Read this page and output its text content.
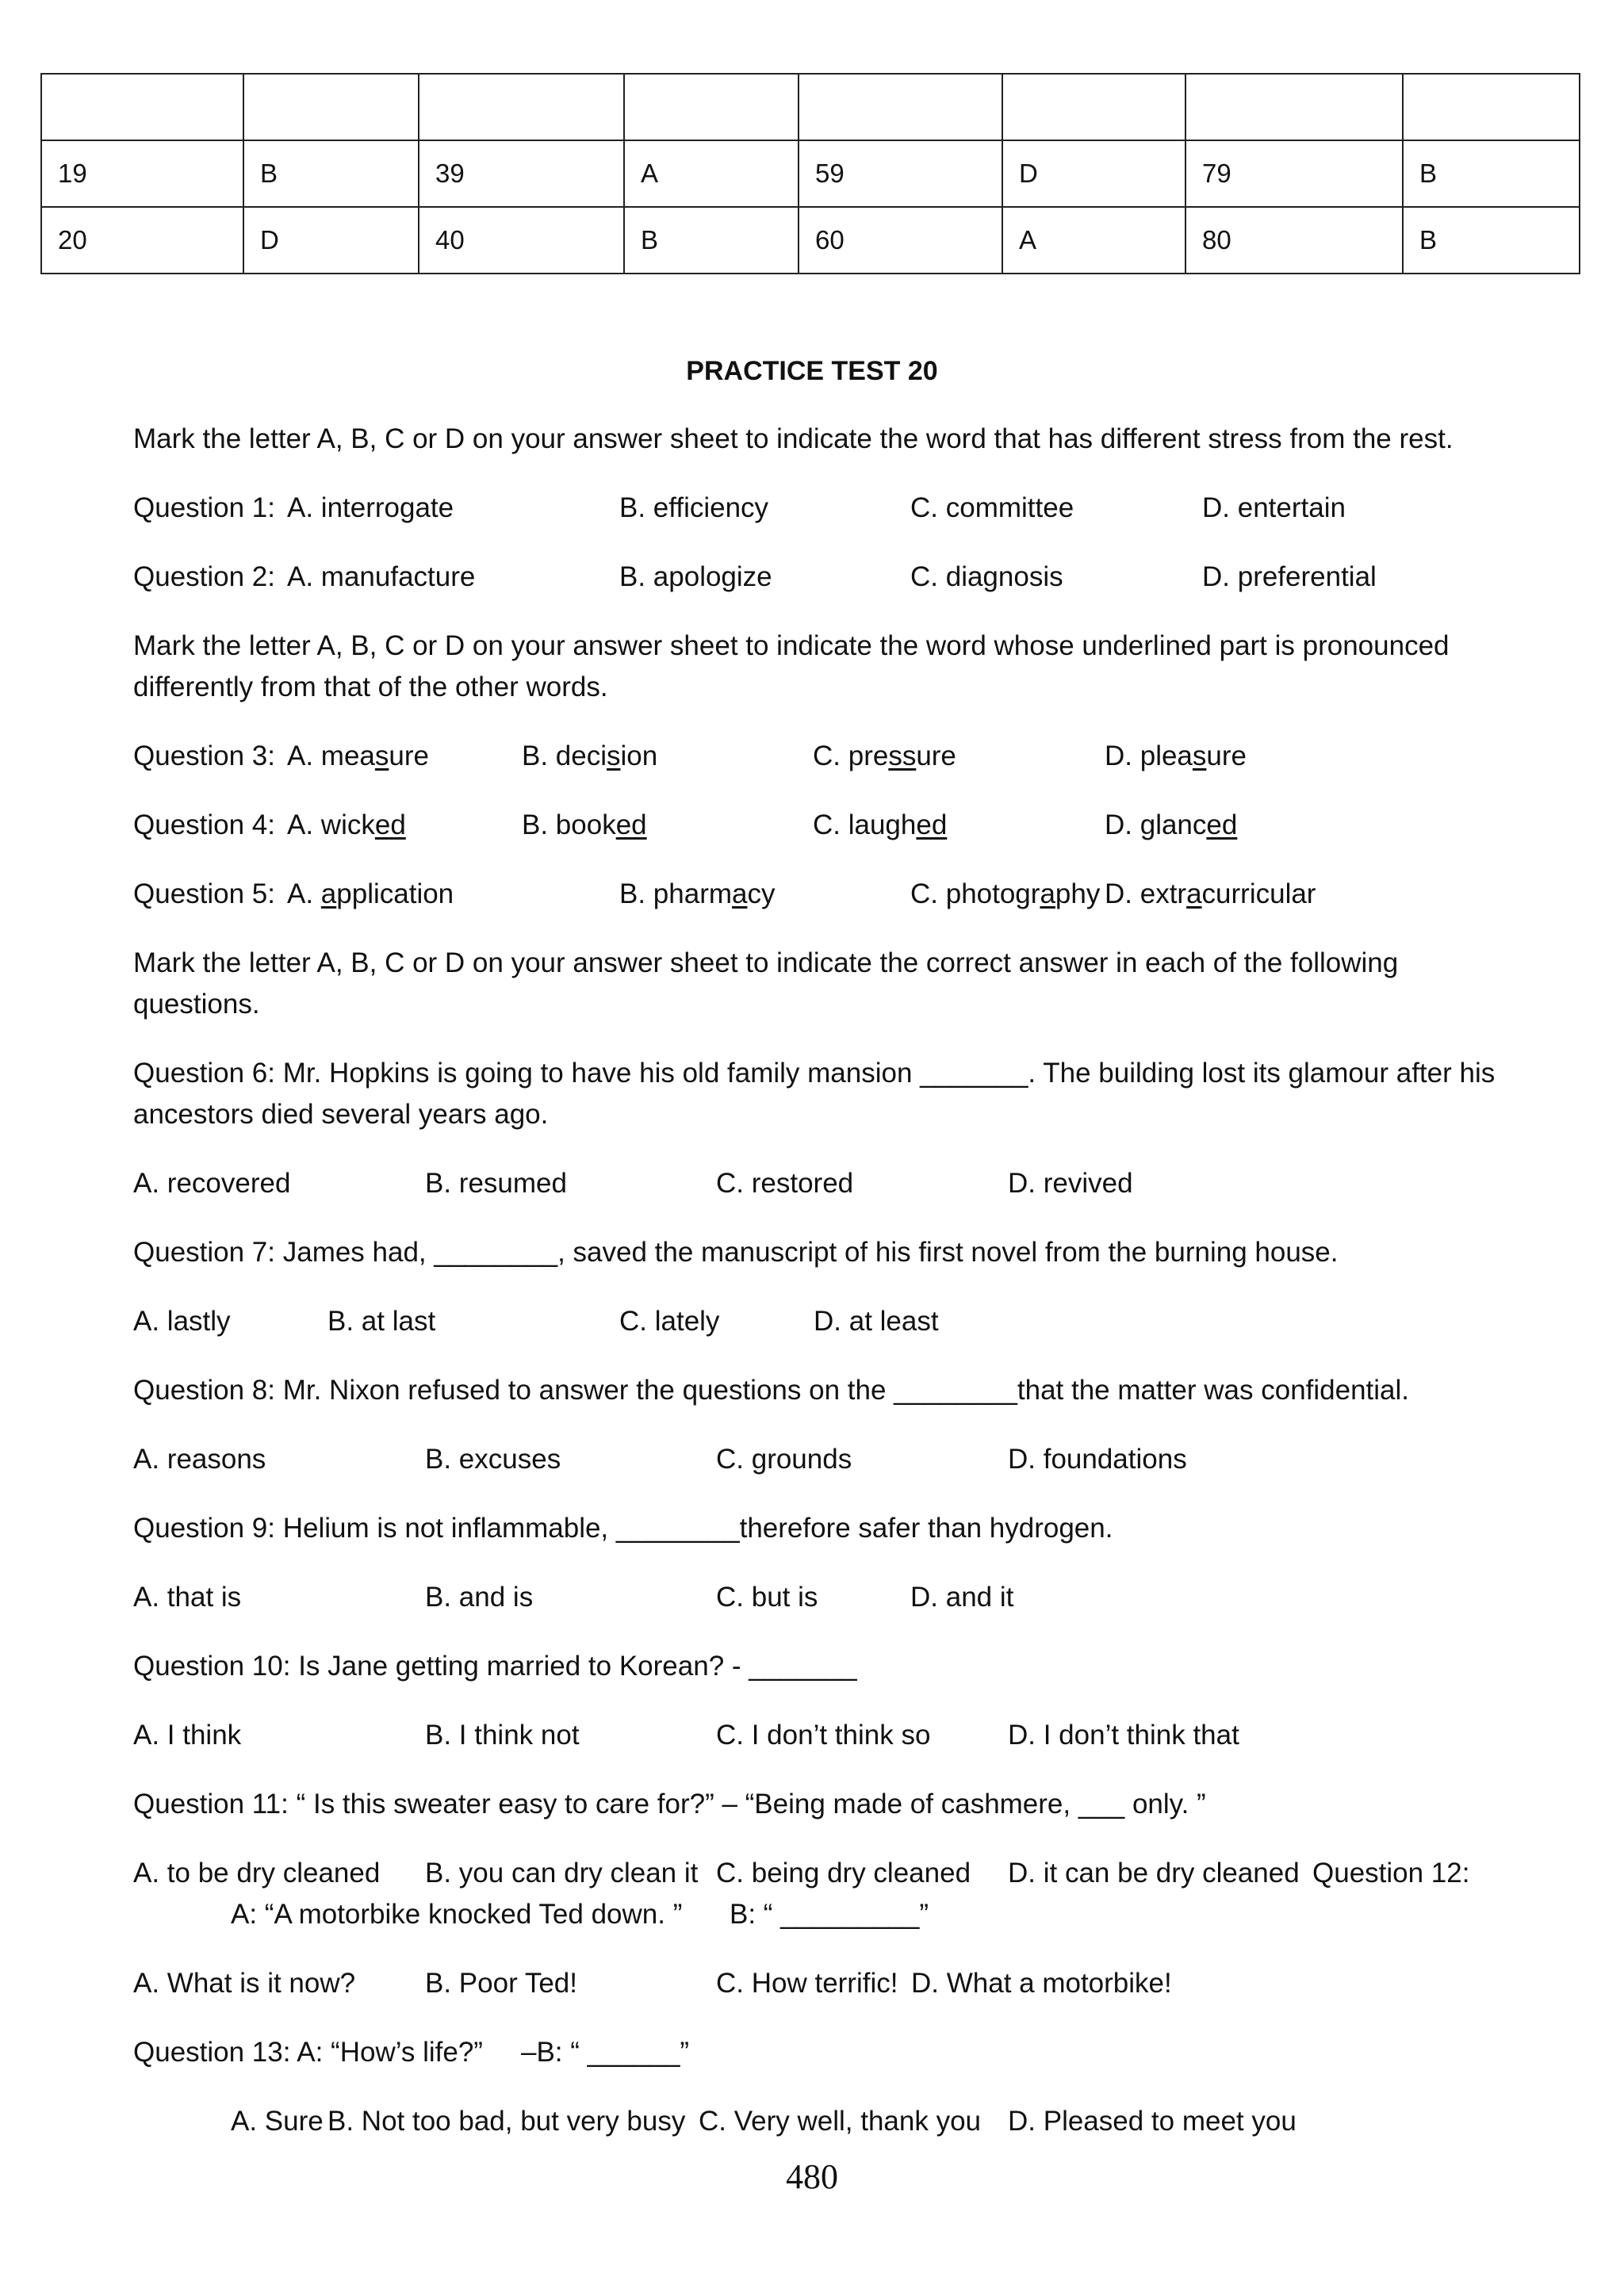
19	B	39	A	59	D	79	B
20	D	40	B	60	A	80	B
PRACTICE TEST 20
Mark the letter A, B, C or D on your answer sheet to indicate the word that has different stress from the rest.
Question 1: A. interrogate	B. efficiency	C. committee	D. entertain
Question 2: A. manufacture	B. apologize	C. diagnosis	D. preferential
Mark the letter A, B, C or D on your answer sheet to indicate the word whose underlined part is pronounced differently from that of the other words.
Question 3: A. measure	B. decision	C. pressure	D. pleasure
Question 4: A. wicked	B. booked	C. laughed	D. glanced
Question 5: A. application	B. pharmacy	C. photography D. extracurricular
Mark the letter A, B, C or D on your answer sheet to indicate the correct answer in each of the following questions.
Question 6: Mr. Hopkins is going to have his old family mansion _______. The building lost its glamour after his ancestors died several years ago.
A. recovered	B. resumed	C. restored	D. revived
Question 7: James had, ________, saved the manuscript of his first novel from the burning house.
A. lastly	B. at last	C. lately	D. at least
Question 8: Mr. Nixon refused to answer the questions on the ________that the matter was confidential.
A. reasons	B. excuses	C. grounds	D. foundations
Question 9: Helium is not inflammable, ________therefore safer than hydrogen.
A. that is	B. and is	C. but is	D. and it
Question 10: Is Jane getting married to Korean? - _______
A. I think	B. I think not	C. I don’t think so	D. I don’t think that
Question 11: “ Is this sweater easy to care for?” – “Being made of cashmere, ___ only. ”
A. to be dry cleaned B. you can dry clean it C. being dry cleaned D. it can be dry cleaned Question 12:
A: “A motorbike knocked Ted down. ” B: “ _________”
A. What is it now?	B. Poor Ted!	C. How terrific! D. What a motorbike!
Question 13: A: “How’s life?” –B: “ ______”
A. Sure B. Not too bad, but very busy C. Very well, thank you D. Pleased to meet you
480
